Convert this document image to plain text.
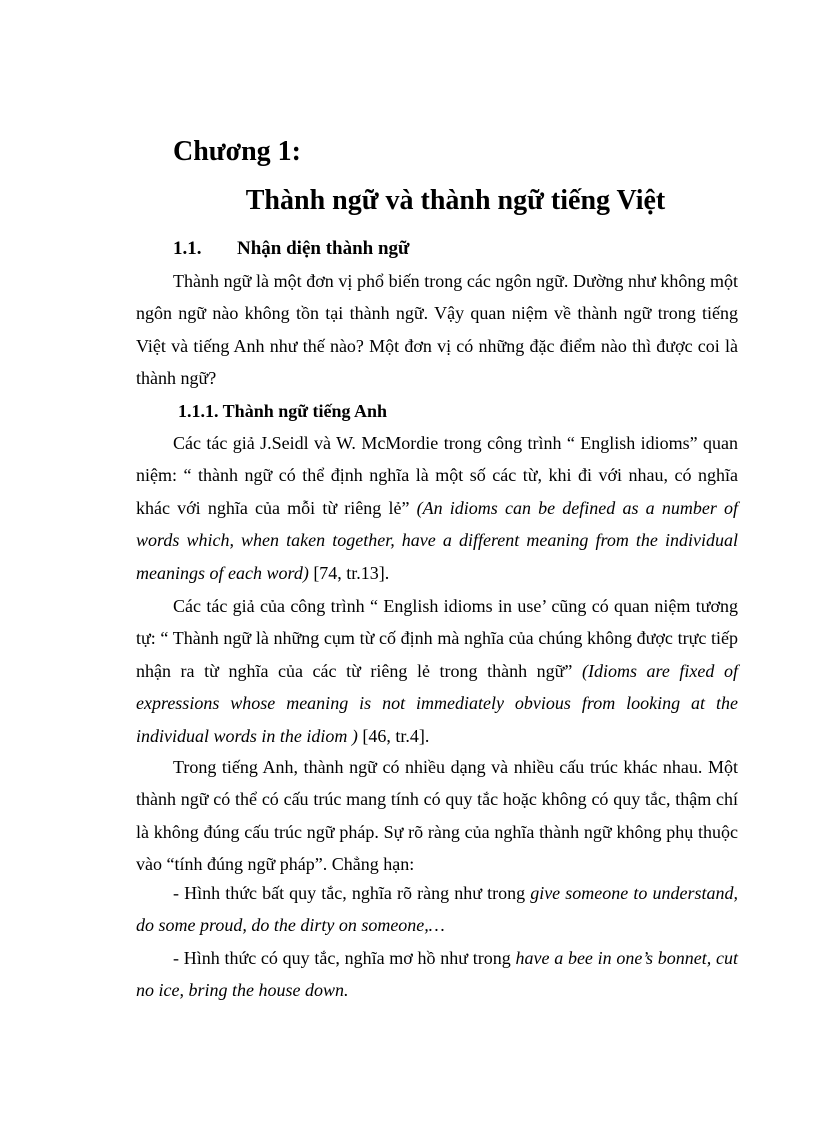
Chương 1:
Thành ngữ và thành ngữ tiếng Việt
1.1. Nhận diện thành ngữ

Thành ngữ là một đơn vị phổ biến trong các ngôn ngữ. Dường như không một ngôn ngữ nào không tồn tại thành ngữ. Vậy quan niệm về thành ngữ trong tiếng Việt và tiếng Anh như thế nào? Một đơn vị có những đặc điểm nào thì được coi là thành ngữ?

1.1.1. Thành ngữ tiếng Anh

Các tác giả J.Seidl và W. McMordie trong công trình “ English idioms” quan niệm: “ thành ngữ có thể định nghĩa là một số các từ, khi đi với nhau, có nghĩa khác với nghĩa của mỗi từ riêng lẻ” (An idioms can be defined as a number of words which, when taken together, have a different meaning from the individual meanings of each word) [74, tr.13].

Các tác giả của công trình “ English idioms in use’ cũng có quan niệm tương tự: “ Thành ngữ là những cụm từ cố định mà nghĩa của chúng không được trực tiếp nhận ra từ nghĩa của các từ riêng lẻ trong thành ngữ” (Idioms are fixed of expressions whose meaning is not immediately obvious from looking at the individual words in the idiom ) [46, tr.4].

Trong tiếng Anh, thành ngữ có nhiều dạng và nhiều cấu trúc khác nhau. Một thành ngữ có thể có cấu trúc mang tính có quy tắc hoặc không có quy tắc, thậm chí là không đúng cấu trúc ngữ pháp. Sự rõ ràng của nghĩa thành ngữ không phụ thuộc vào “tính đúng ngữ pháp”. Chẳng hạn:

- Hình thức bất quy tắc, nghĩa rõ ràng như trong give someone to understand, do some proud, do the dirty on someone,…

- Hình thức có quy tắc, nghĩa mơ hồ như trong have a bee in one’s bonnet, cut no ice, bring the house down.
